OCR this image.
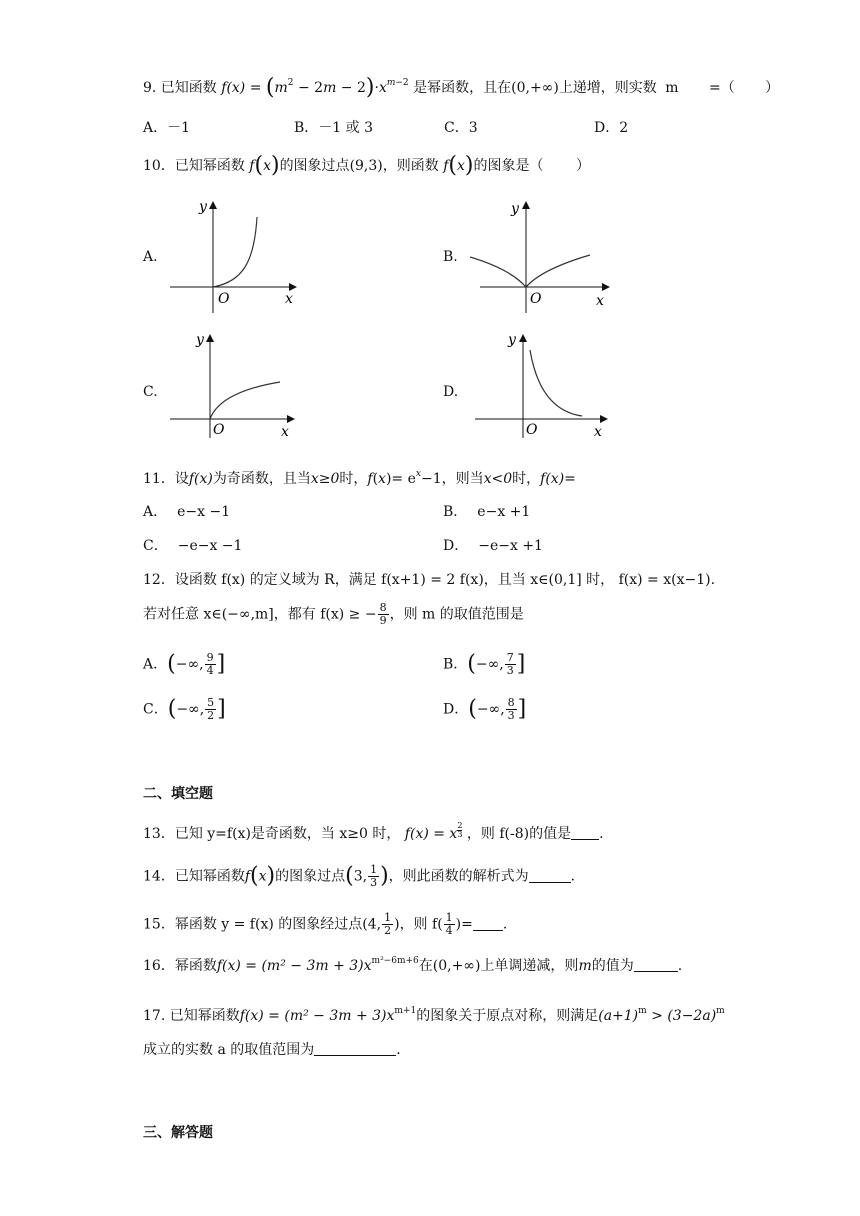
9. 已知函数 $f(x) = (m^2 - 2m - 2)\cdot x^{m-2}$ 是幂函数，且在(0,+∞)上递增，则实数 m =（ ）
A．－1	B．－1 或 3	C．3	D．2
10．已知幂函数 f(x)的图象过点(9,3)，则函数 f(x)的图象是（ ）
A.	B.
C.	D.
y
O	x
y
O	x
y
O	x
y
O	x
11．设f(x)为奇函数，且当x≥0时，$f(x)= e^x-1$，则当x<0时，f(x)=
A． e−x −1	B． e−x +1
C． −e−x −1	D． −e−x +1
12．设函数 f(x) 的定义域为 R，满足 f(x+1) = 2 f(x)，且当 x∈(0,1] 时， f(x) = x(x−1).
若对任意 x∈(−∞,m]，都有 f(x) ≥ − $\frac{8}{9}$ ，则 m 的取值范围是
A．(−∞, $\frac{9}{4}$ ]	B．(−∞, $\frac{7}{3}$ ]
C．(−∞, $\frac{5}{2}$ ]	D．(−∞, $\frac{8}{3}$ ]
二、填空题
13．已知 y=f(x)是奇函数，当 x≥0 时， f(x) = x $\frac{2}{3}$ ，则 f(-8)的值是 .
14．已知幂函数f(x)的图象过点(3, $\frac{1}{3}$ )，则此函数的解析式为	.
15．幂函数 y = f(x) 的图象经过点(4, $\frac{1}{2}$ )，则 $f( \frac{1}{4}$ )= .
16．幂函数$f(x) = (m^2 - 3m + 3)x^{m^2-6m+6}$在(0,+∞)上单调递减，则m的值为	.
17. 已知幂函数$f(x) = (m^2 - 3m + 3)x^{m+1}$的图象关于原点对称，则满足$(a+1)^m > (3-2a)^m$
成立的实数 a 的取值范围为	.
三、解答题
